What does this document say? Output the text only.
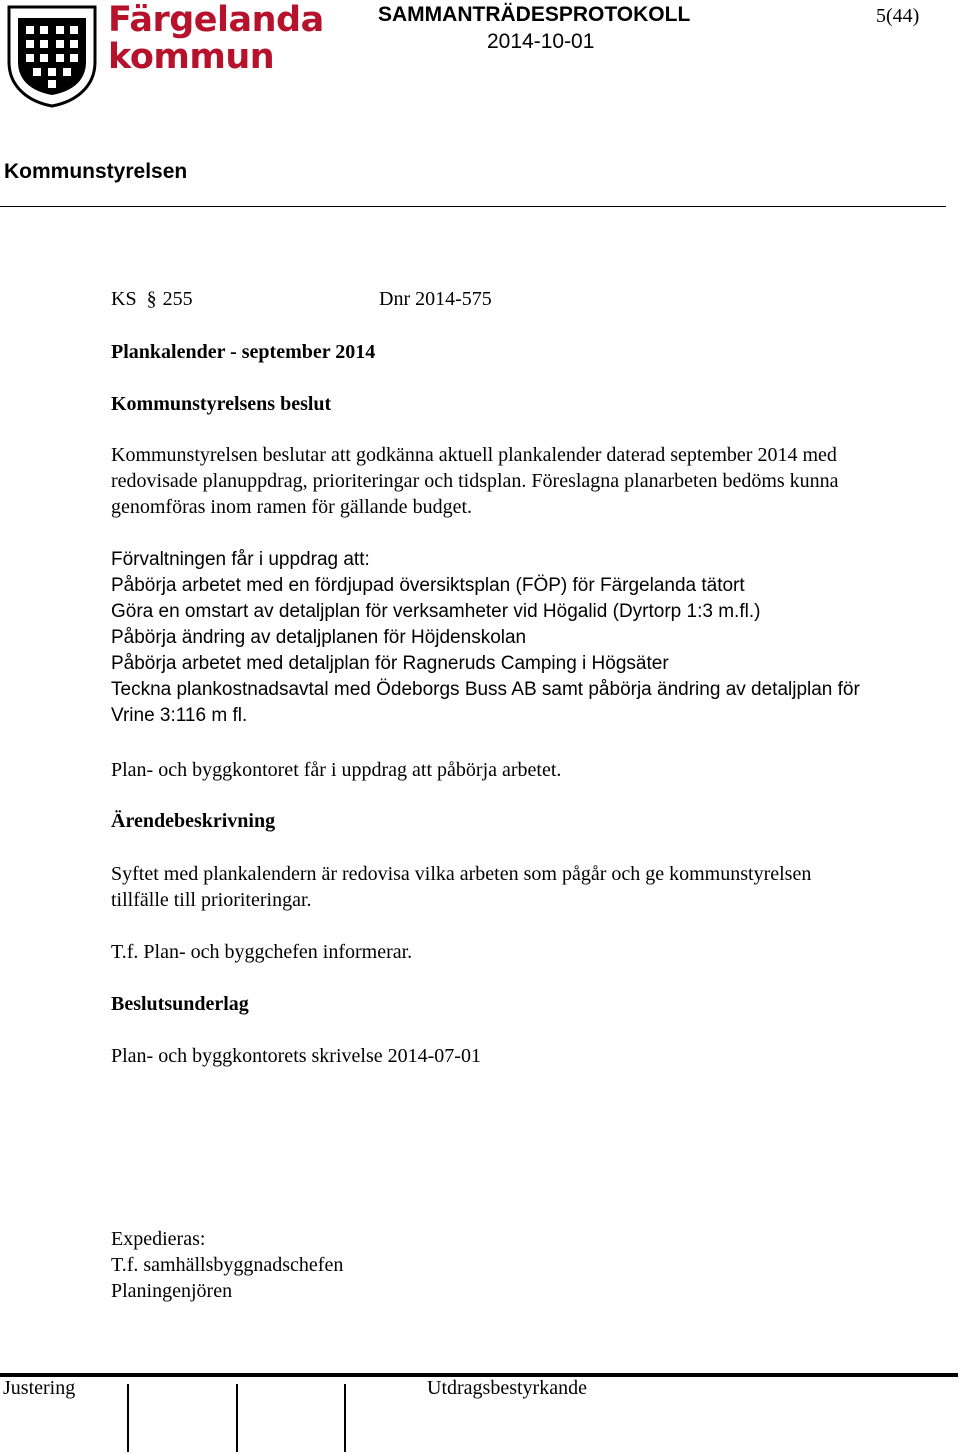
Färgelanda
kommun
SAMMANTRÄDESPROTOKOLL
2014-10-01
5(44)
Kommunstyrelsen
KS § 255	Dnr 2014-575
Plankalender - september 2014
Kommunstyrelsens beslut
Kommunstyrelsen beslutar att godkänna aktuell plankalender daterad september 2014 med
redovisade planuppdrag, prioriteringar och tidsplan. Föreslagna planarbeten bedöms kunna
genomföras inom ramen för gällande budget.
Förvaltningen får i uppdrag att:
Påbörja arbetet med en fördjupad översiktsplan (FÖP) för Färgelanda tätort
Göra en omstart av detaljplan för verksamheter vid Högalid (Dyrtorp 1:3 m.fl.)
Påbörja ändring av detaljplanen för Höjdenskolan
Påbörja arbetet med detaljplan för Ragneruds Camping i Högsäter
Teckna plankostnadsavtal med Ödeborgs Buss AB samt påbörja ändring av detaljplan för
Vrine 3:116 m fl.
Plan- och byggkontoret får i uppdrag att påbörja arbetet.
Ärendebeskrivning
Syftet med plankalendern är redovisa vilka arbeten som pågår och ge kommunstyrelsen
tillfälle till prioriteringar.
T.f. Plan- och byggchefen informerar.
Beslutsunderlag
Plan- och byggkontorets skrivelse 2014-07-01
Expedieras:
T.f. samhällsbyggnadschefen
Planingenjören
Justering	Utdragsbestyrkande
